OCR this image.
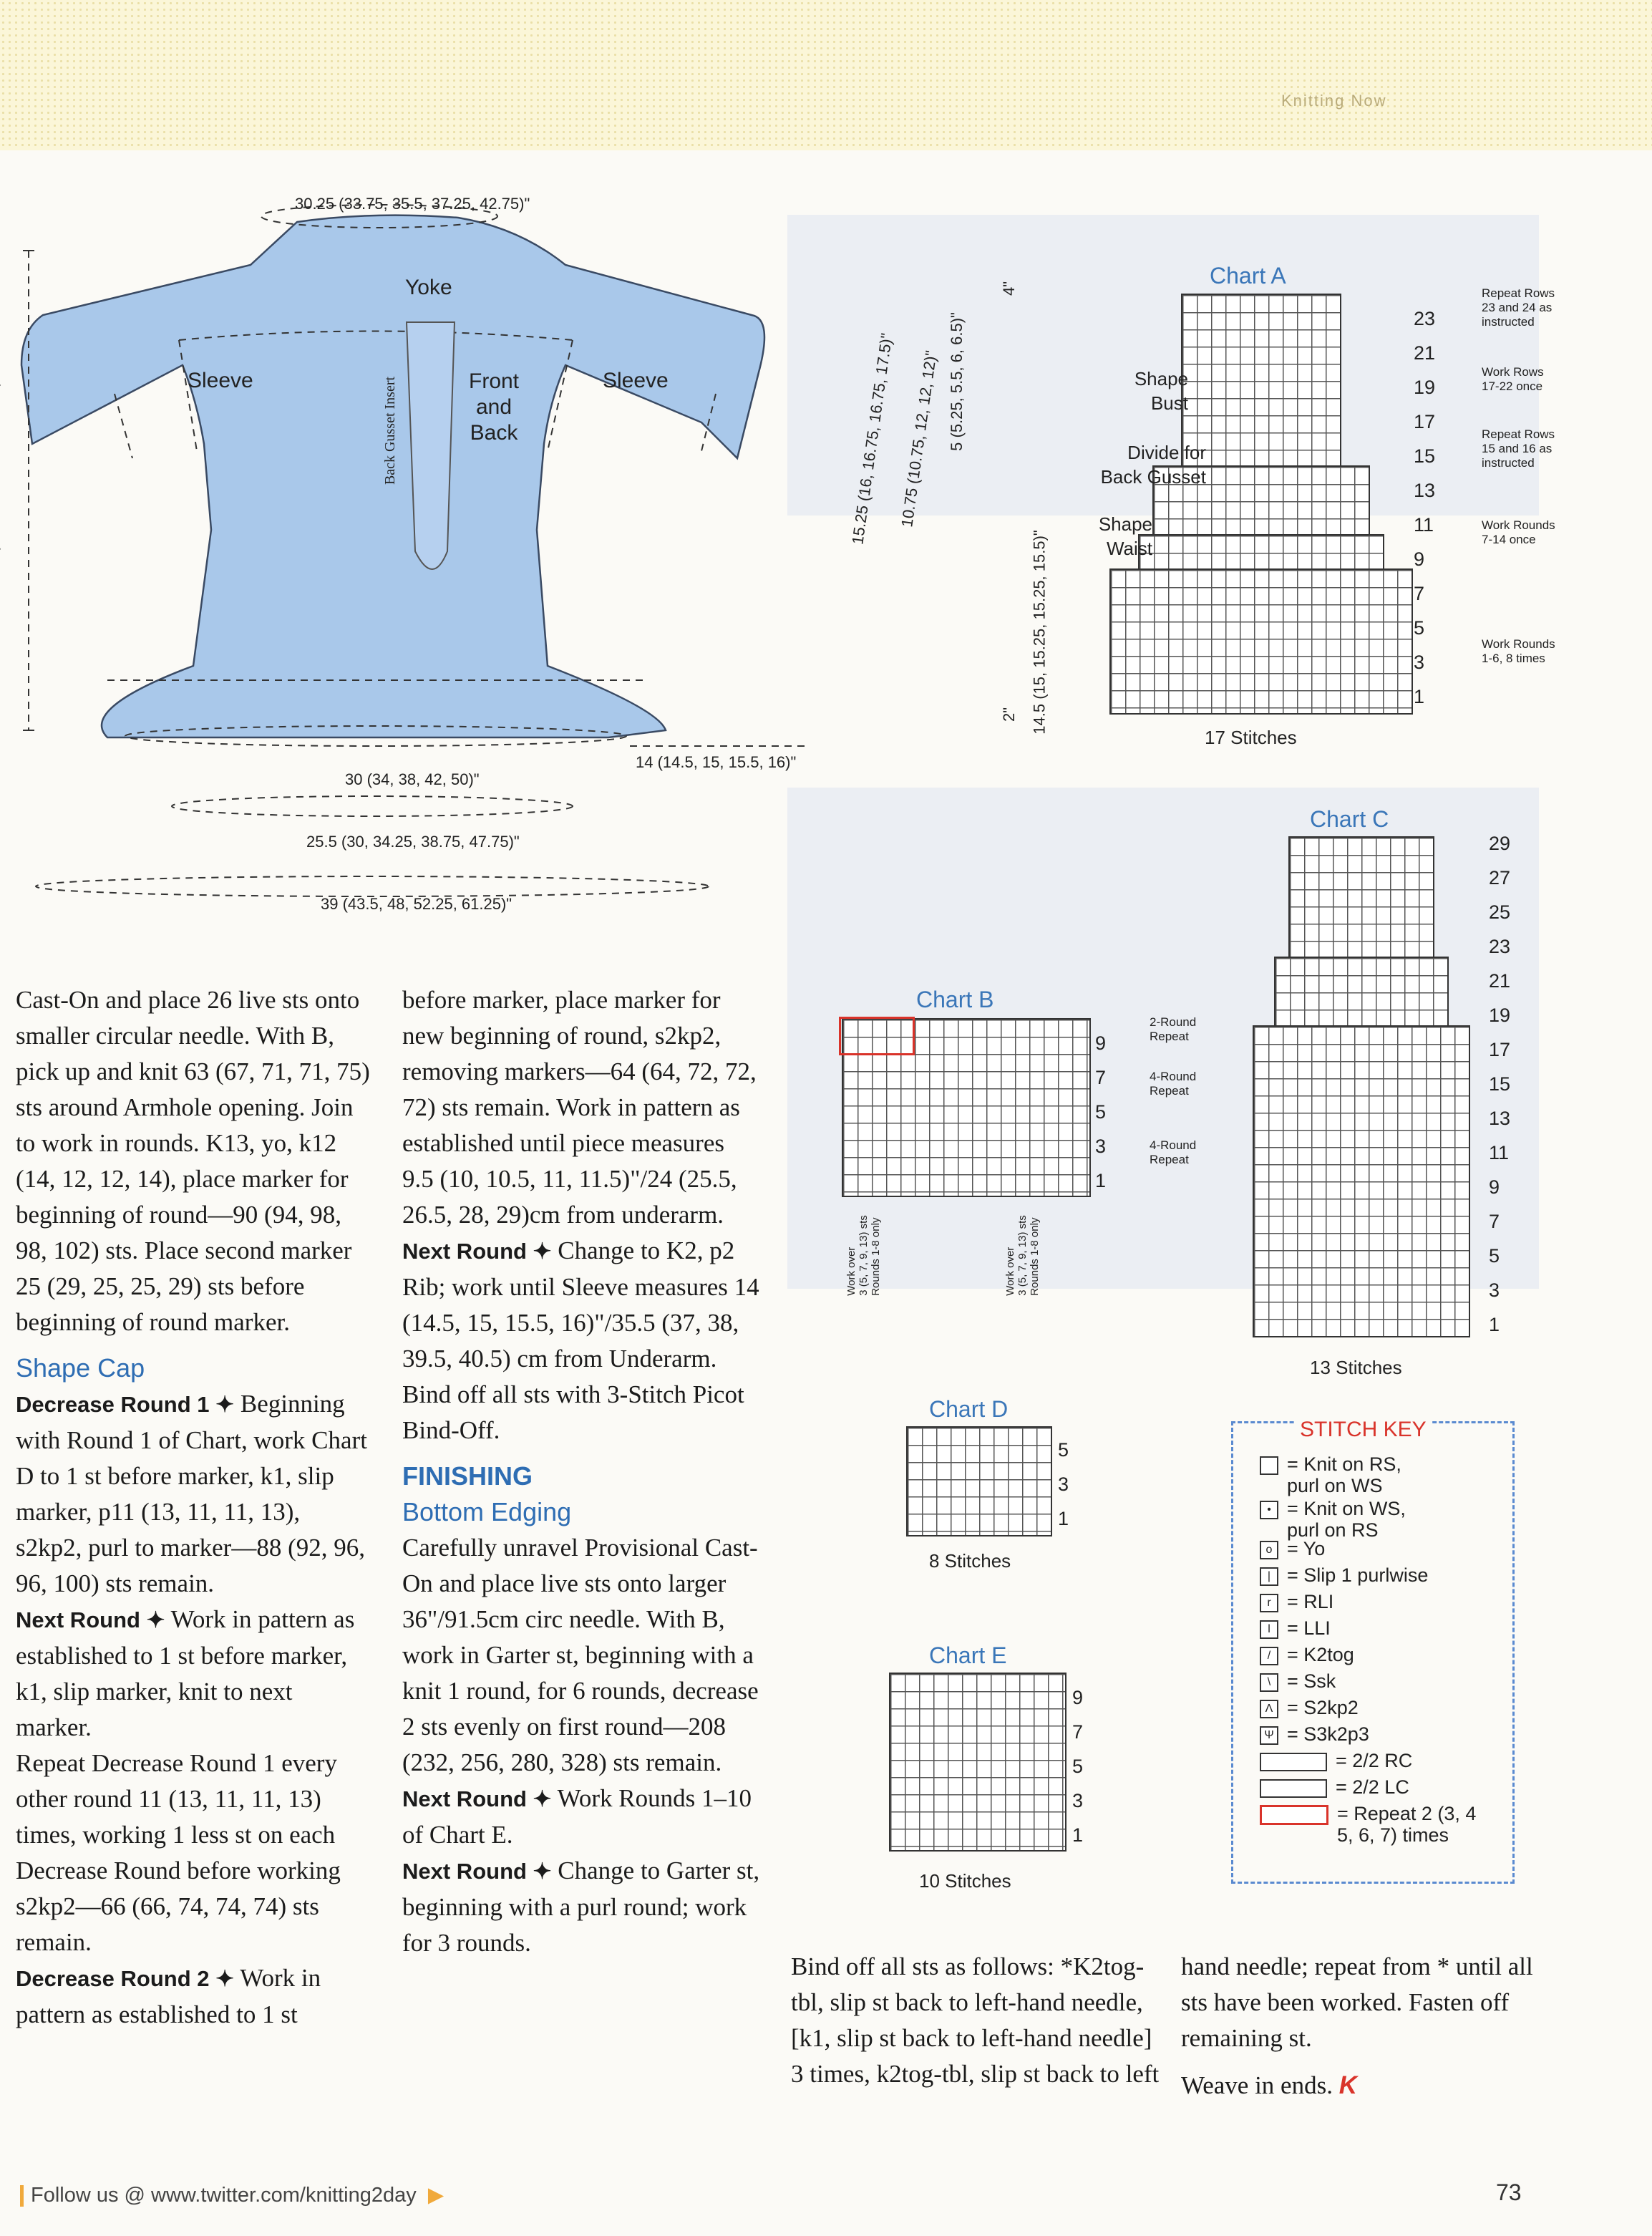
Knitting Now
Yoke
Sleeve	Sleeve
Front
and
Back
Back Gusset Insert
30.25 (33.75, 35.5, 37.25, 42.75)"
14 (14.5, 15, 15.5, 16)"
30 (34, 38, 42, 50)"
25.5 (30, 34.25, 38.75, 47.75)"
39 (43.5, 48, 52.25, 61.25)"
15.25 (16, 16.75, 16.75, 17.5)" 10.75 (10.75, 12, 12, 12)" 5 (5.25, 5.5, 6, 6.5)"
4"
14.5 (15, 15.25, 15.25, 15.5)"
2"
Chart A
23
21
19
17
15
13
11
9
7
5
3
1
Shape
Bust
Divide for
Back Gusset
Shape
Waist
Repeat Rows
23 and 24 as
instructed
Work Rows
17-22 once
Repeat Rows
15 and 16 as
instructed
Work Rounds
7-14 once
Work Rounds
1-6, 8 times
17 Stitches
Chart B
9
7
5
3
1
2-Round
Repeat
4-Round
Repeat
4-Round
Repeat
Work over
3 (5, 7, 9, 13) sts
Rounds 1-8 only
Work over
3 (5, 7, 9, 13) sts
Rounds 1-8 only
Chart C
29
27
25
23
21
19
17
15
13
11
9
7
5
3
1
13 Stitches
Chart D
5
3
1
8 Stitches
Chart E
9
7
5
3
1
10 Stitches
STITCH KEY
= Knit on RS,
purl on WS
• = Knit on WS,
purl on RS
o = Yo
| = Slip 1 purlwise
r = RLI
l = LLI
/ = K2tog
\ = Ssk
Λ = S2kp2
Ψ = S3k2p3
= 2/2 RC
= 2/2 LC
= Repeat 2 (3, 4
5, 6, 7) times

Cast-On and place 26 live sts onto smaller circular needle. With B, pick up and knit 63 (67, 71, 71, 75) sts around Armhole opening. Join to work in rounds. K13, yo, k12 (14, 12, 12, 14), place marker for beginning of round—90 (94, 98, 98, 102) sts. Place second marker 25 (29, 25, 25, 29) sts before beginning of round marker.

Shape Cap

Decrease Round 1 ✦ Beginning with Round 1 of Chart, work Chart D to 1 st before marker, k1, slip marker, p11 (13, 11, 11, 13), s2kp2, purl to marker—88 (92, 96, 96, 100) sts remain.

Next Round ✦ Work in pattern as established to 1 st before marker, k1, slip marker, knit to next marker.

Repeat Decrease Round 1 every other round 11 (13, 11, 11, 13) times, working 1 less st on each Decrease Round before working s2kp2—66 (66, 74, 74, 74) sts remain.

Decrease Round 2 ✦ Work in pattern as established to 1 st

before marker, place marker for new beginning of round, s2kp2, removing markers—64 (64, 72, 72, 72) sts remain. Work in pattern as established until piece measures 9.5 (10, 10.5, 11, 11.5)"/24 (25.5, 26.5, 28, 29)cm from underarm.

Next Round ✦ Change to K2, p2 Rib; work until Sleeve measures 14 (14.5, 15, 15.5, 16)"/35.5 (37, 38, 39.5, 40.5) cm from Underarm. Bind off all sts with 3-Stitch Picot Bind-Off.

FINISHING

Bottom Edging

Carefully unravel Provisional Cast-On and place live sts onto larger 36"/91.5cm circ needle. With B, work in Garter st, beginning with a knit 1 round, for 6 rounds, decrease 2 sts evenly on first round—208 (232, 256, 280, 328) sts remain.

Next Round ✦ Work Rounds 1–10 of Chart E.

Next Round ✦ Change to Garter st, beginning with a purl round; work for 3 rounds.

Bind off all sts as follows: *K2tog-tbl, slip st back to left-hand needle, [k1, slip st back to left-hand needle] 3 times, k2tog-tbl, slip st back to left

hand needle; repeat from * until all sts have been worked. Fasten off remaining st.

Weave in ends. K

Follow us @ www.twitter.com/knitting2day ▶	73
